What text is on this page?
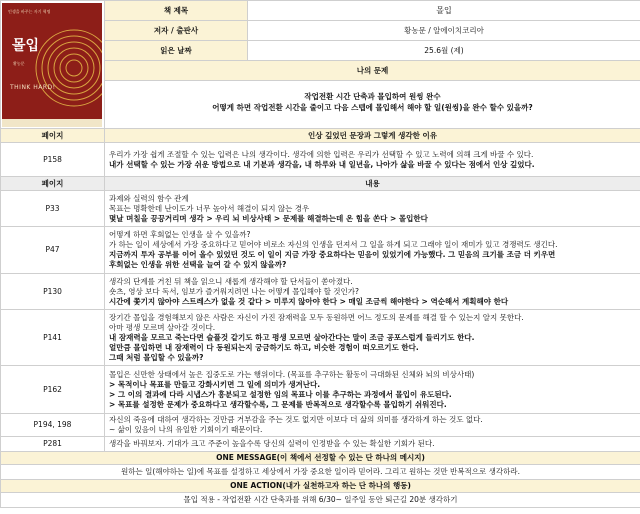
인생을 바꾸는 자기 혁명
몰입
황농문
THINK HARD!	책 제목	몰입
	저자 / 출판사	황농문 / 알에이치코리아
	읽은 날짜	25.6월 (제)

	나의 문제
작업전환 시간 단축과 몰입하여 원씽 완수
어떻게 하면 작업전환 시간을 줄이고 다음 스텝에 몰입해서 해야 할 일(원씽)을 완수 할수 있을까?	

페이지	인상 깊었던 문장과 그렇게 생각한 이유	
P158	우리가 가장 쉽게 조절할 수 있는 입력은 나의 생각이다. 생각에 의한 입력은 우리가 선택할 수 있고 노력에 의해 크게 바꿀 수 있다.
내가 선택할 수 있는 가장 쉬운 방법으로 내 기분과 생각을, 내 하루와 내 일년을, 나아가 삶을 바꿀 수 있다는 점에서 인상 깊었다.	

페이지	내용	
P33	과제와 실력의 함수 관계
목표는 명확한데 난이도가 너무 높아서 해결이 되지 않는 경우
몇날 며칠을 끙끙거리며 생각 > 우리 뇌 비상사태 > 문제를 해결하는데 온 힘을 쏜다 > 몰입한다	

P47	어떻게 하면 후회없는 인생을 살 수 있을까?
가 하는 일이 세상에서 가장 중요하다고 믿어야 비로소 자신의 인생을 던져서 그 일을 하게 되고 그래야 일이 재미가 있고 경쟁력도 생긴다.
지금까지 투자 공부를 이어 올수 있었던 것도 이 일이 지금 가장 중요하다는 믿음이 있었기에 가능했다. 그 믿음의 크기를 조금 더 키우면
후회없는 인생을 위한 선택을 늘여 갈 수 있지 않을까?	

P130	생각의 단계를 거친 뒤 책을 읽으니 새롭게 생각해야 할 단서들이 쏟아졌다.
숏츠, 영상 보다 독서, 임보가 즐거워지려면 나는 어떻게 몰입해야 할 것인가?
시간에 쫓기지 않아야 스트레스가 없을 것 같다 > 미루지 않아야 한다 > 매일 조금씩 해야한다 > 역순해서 계획해야 한다	

P141	장기간 몰입을 경험해보지 않은 사람은 자신이 가진 잠재력을 모두 동원하면 어느 정도의 문제를 해결 할 수 있는지 알지 못한다.
아마 평생 모르며 살아갈 것이다.
내 잠재력을 모르고 죽는다면 슬플것 같기도 하고 평생 모르면 살아간다는 말이 조금 공포스럽게 들리기도 한다.
얼만큼 몰입하면 내 잠재력이 다 동원되는지 궁금하기도 하고, 비슷한 경험이 떠오르기도 한다.
그때 처럼 몰입할 수 있을까?	

P162	몰입은 신만한 상태에서 높은 집중도로 가는 행위이다. (목표를 추구하는 활동이 극대화된 신체와 뇌의 비상사태)
> 목적이나 목표를 만들고 강화시키면 그 일에 의미가 생겨난다.
> 그 이의 결과에 다라 시냅스가 흥분되고 설정한 임의 목표나 이를 추구하는 과정에서 몰입이 유도된다.
> 목표를 설정한 문제가 중요하다고 생각할수록, 그 문제를 반복적으로 생각할수록 몰입하기 쉬워진다.	

P194, 198	자신의 죽음에 대하여 생각하는 것만큼 거부감을 주는 것도 없지만 이보다 더 삶의 의미를 생각하게 하는 것도 없다.
~ 삶이 있음이 나의 유일한 기회이기 때문이다.	

P281	생각을 바꿔보자. 기대가 크고 주준이 높을수록 당신의 실력이 인정받을 수 있는 확실한 기회가 된다.	

ONE MESSAGE(이 책에서 선정할 수 있는 단 하나의 메시지)		
원하는 일(해야하는 일)에 목표를 설정하고 세상에서 가장 중요한 일이라 믿어라. 그리고 원하는 것만 반복적으로 생각하라.		
ONE ACTION(내가 실천하고자 하는 단 하나의 행동)		
몰입 적용 - 작업전환 시간 단축과를 위해 6/30~ 일주일 동안 퇴근길 20분 생각하기		
